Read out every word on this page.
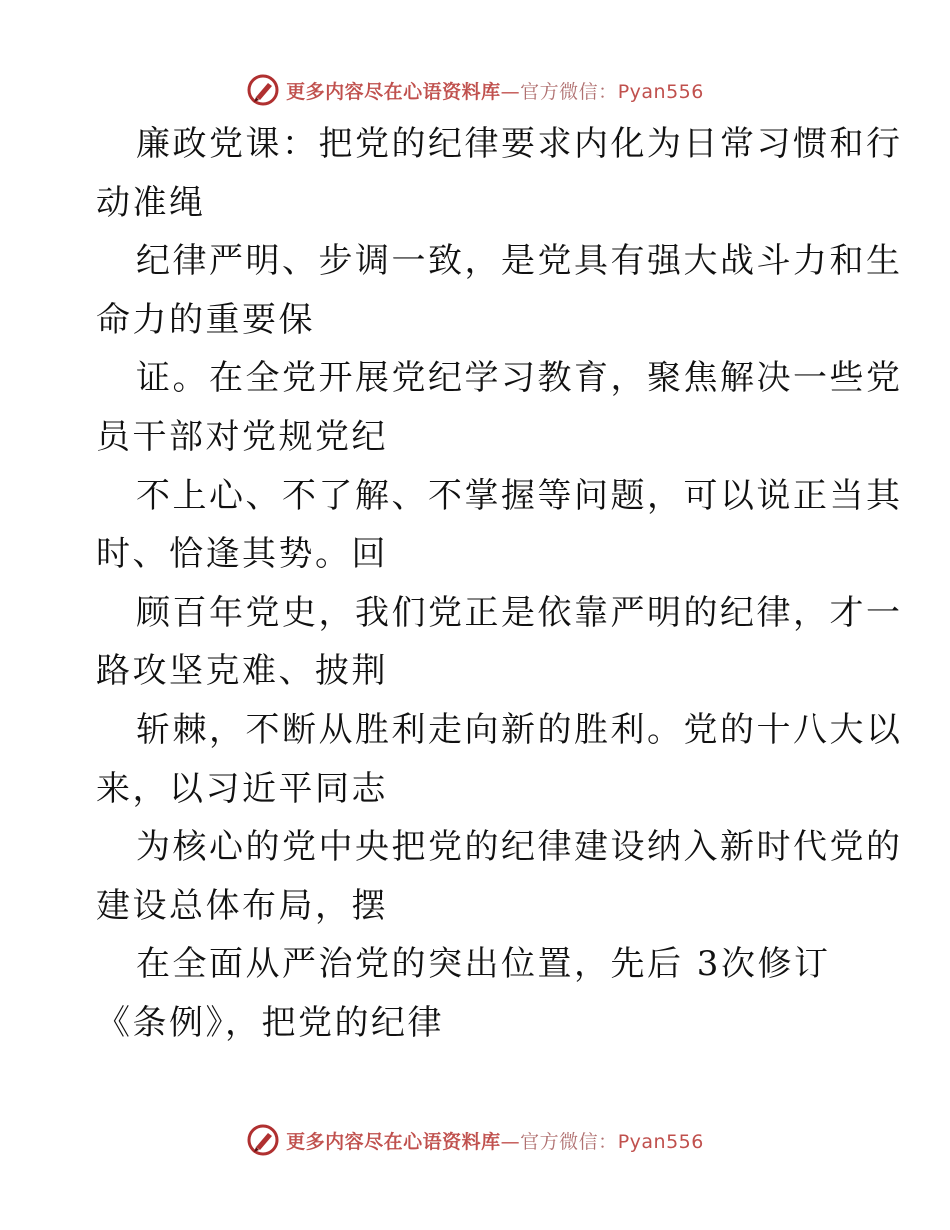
更多内容尽在心语资料库—官方微信：Pyan556
廉政党课：把党的纪律要求内化为日常习惯和行
动准绳
纪律严明、步调一致，是党具有强大战斗力和生
命力的重要保
证。在全党开展党纪学习教育，聚焦解决一些党
员干部对党规党纪
不上心、不了解、不掌握等问题，可以说正当其
时、恰逢其势。回
顾百年党史，我们党正是依靠严明的纪律，才一
路攻坚克难、披荆
斩棘，不断从胜利走向新的胜利。党的十八大以
来，以习近平同志
为核心的党中央把党的纪律建设纳入新时代党的
建设总体布局，摆
在全面从严治党的突出位置，先后 3次修订
《条例》，把党的纪律
更多内容尽在心语资料库—官方微信：Pyan556
